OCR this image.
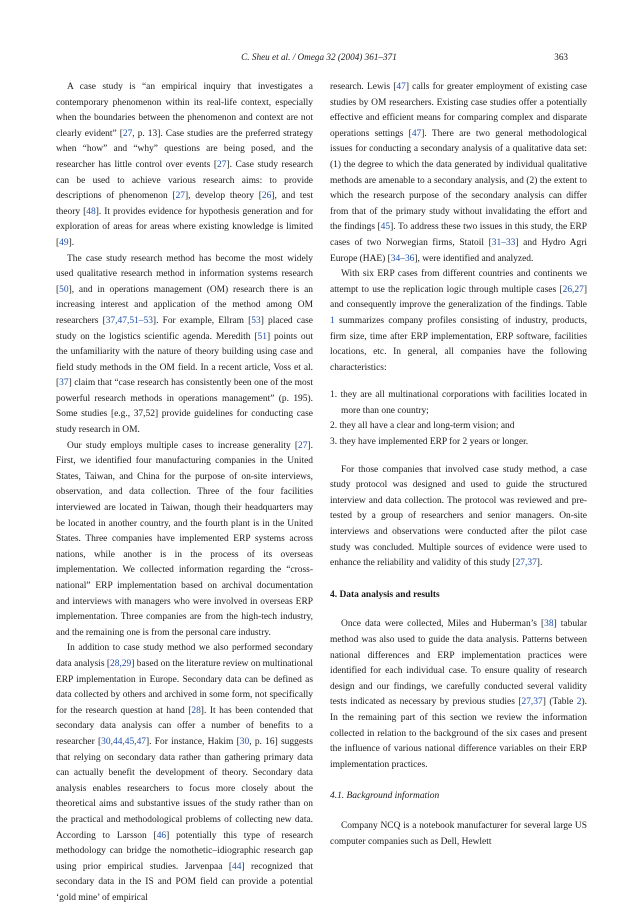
C. Sheu et al. / Omega 32 (2004) 361–371	363

A case study is “an empirical inquiry that investigates a contemporary phenomenon within its real-life context, especially when the boundaries between the phenomenon and context are not clearly evident” [27, p. 13]. Case studies are the preferred strategy when “how” and “why” questions are being posed, and the researcher has little control over events [27]. Case study research can be used to achieve various research aims: to provide descriptions of phenomenon [27], develop theory [26], and test theory [48]. It provides evidence for hypothesis generation and for exploration of areas for areas where existing knowledge is limited [49].

The case study research method has become the most widely used qualitative research method in information systems research [50], and in operations management (OM) research there is an increasing interest and application of the method among OM researchers [37,47,51–53]. For example, Ellram [53] placed case study on the logistics scientific agenda. Meredith [51] points out the unfamiliarity with the nature of theory building using case and field study methods in the OM field. In a recent article, Voss et al. [37] claim that “case research has consistently been one of the most powerful research methods in operations management” (p. 195). Some studies [e.g., 37,52] provide guidelines for conducting case study research in OM.

Our study employs multiple cases to increase generality [27]. First, we identified four manufacturing companies in the United States, Taiwan, and China for the purpose of on-site interviews, observation, and data collection. Three of the four facilities interviewed are located in Taiwan, though their headquarters may be located in another country, and the fourth plant is in the United States. Three companies have implemented ERP systems across nations, while another is in the process of its overseas implementation. We collected information regarding the “cross-national” ERP implementation based on archival documentation and interviews with managers who were involved in overseas ERP implementation. Three companies are from the high-tech industry, and the remaining one is from the personal care industry.

In addition to case study method we also performed secondary data analysis [28,29] based on the literature review on multinational ERP implementation in Europe. Secondary data can be defined as data collected by others and archived in some form, not specifically for the research question at hand [28]. It has been contended that secondary data analysis can offer a number of benefits to a researcher [30,44,45,47]. For instance, Hakim [30, p. 16] suggests that relying on secondary data rather than gathering primary data can actually benefit the development of theory. Secondary data analysis enables researchers to focus more closely about the theoretical aims and substantive issues of the study rather than on the practical and methodological problems of collecting new data. According to Larsson [46] potentially this type of research methodology can bridge the nomothetic–idiographic research gap using prior empirical studies. Jarvenpaa [44] recognized that secondary data in the IS and POM field can provide a potential ‘gold mine’ of empirical

research. Lewis [47] calls for greater employment of existing case studies by OM researchers. Existing case studies offer a potentially effective and efficient means for comparing complex and disparate operations settings [47]. There are two general methodological issues for conducting a secondary analysis of a qualitative data set: (1) the degree to which the data generated by individual qualitative methods are amenable to a secondary analysis, and (2) the extent to which the research purpose of the secondary analysis can differ from that of the primary study without invalidating the effort and the findings [45]. To address these two issues in this study, the ERP cases of two Norwegian firms, Statoil [31–33] and Hydro Agri Europe (HAE) [34–36], were identified and analyzed.

With six ERP cases from different countries and continents we attempt to use the replication logic through multiple cases [26,27] and consequently improve the generalization of the findings. Table 1 summarizes company profiles consisting of industry, products, firm size, time after ERP implementation, ERP software, facilities locations, etc. In general, all companies have the following characteristics:

1. they are all multinational corporations with facilities located in more than one country;
2. they all have a clear and long-term vision; and
3. they have implemented ERP for 2 years or longer.

For those companies that involved case study method, a case study protocol was designed and used to guide the structured interview and data collection. The protocol was reviewed and pre-tested by a group of researchers and senior managers. On-site interviews and observations were conducted after the pilot case study was concluded. Multiple sources of evidence were used to enhance the reliability and validity of this study [27,37].

4. Data analysis and results

Once data were collected, Miles and Huberman’s [38] tabular method was also used to guide the data analysis. Patterns between national differences and ERP implementation practices were identified for each individual case. To ensure quality of research design and our findings, we carefully conducted several validity tests indicated as necessary by previous studies [27,37] (Table 2). In the remaining part of this section we review the information collected in relation to the background of the six cases and present the influence of various national difference variables on their ERP implementation practices.

4.1. Background information

Company NCQ is a notebook manufacturer for several large US computer companies such as Dell, Hewlett
